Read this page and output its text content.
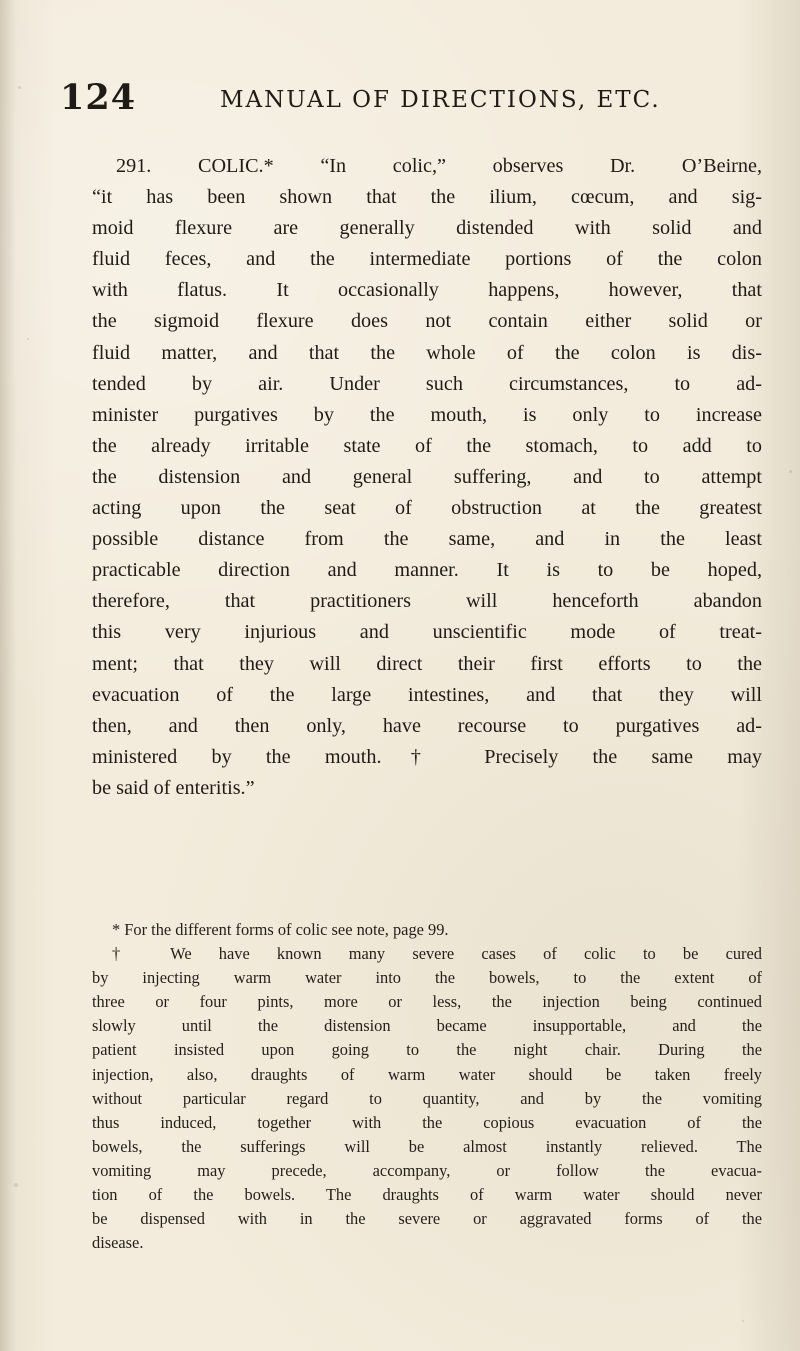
124	MANUAL OF DIRECTIONS, ETC.
291. COLIC.* “In colic,” observes Dr. O’Beirne,
“it has been shown that the ilium, cœcum, and sig-
moid flexure are generally distended with solid and
fluid feces, and the intermediate portions of the colon
with flatus. It occasionally happens, however, that
the sigmoid flexure does not contain either solid or
fluid matter, and that the whole of the colon is dis-
tended by air. Under such circumstances, to ad-
minister purgatives by the mouth, is only to increase
the already irritable state of the stomach, to add to
the distension and general suffering, and to attempt
acting upon the seat of obstruction at the greatest
possible distance from the same, and in the least
practicable direction and manner. It is to be hoped,
therefore, that practitioners will henceforth abandon
this very injurious and unscientific mode of treat-
ment; that they will direct their first efforts to the
evacuation of the large intestines, and that they will
then, and then only, have recourse to purgatives ad-
ministered by the mouth.† Precisely the same may
be said of enteritis.”
* For the different forms of colic see note, page 99.
† We have known many severe cases of colic to be cured
by injecting warm water into the bowels, to the extent of
three or four pints, more or less, the injection being continued
slowly until the distension became insupportable, and the
patient insisted upon going to the night chair. During the
injection, also, draughts of warm water should be taken freely
without particular regard to quantity, and by the vomiting
thus induced, together with the copious evacuation of the
bowels, the sufferings will be almost instantly relieved. The
vomiting may precede, accompany, or follow the evacua-
tion of the bowels. The draughts of warm water should never
be dispensed with in the severe or aggravated forms of the
disease.
